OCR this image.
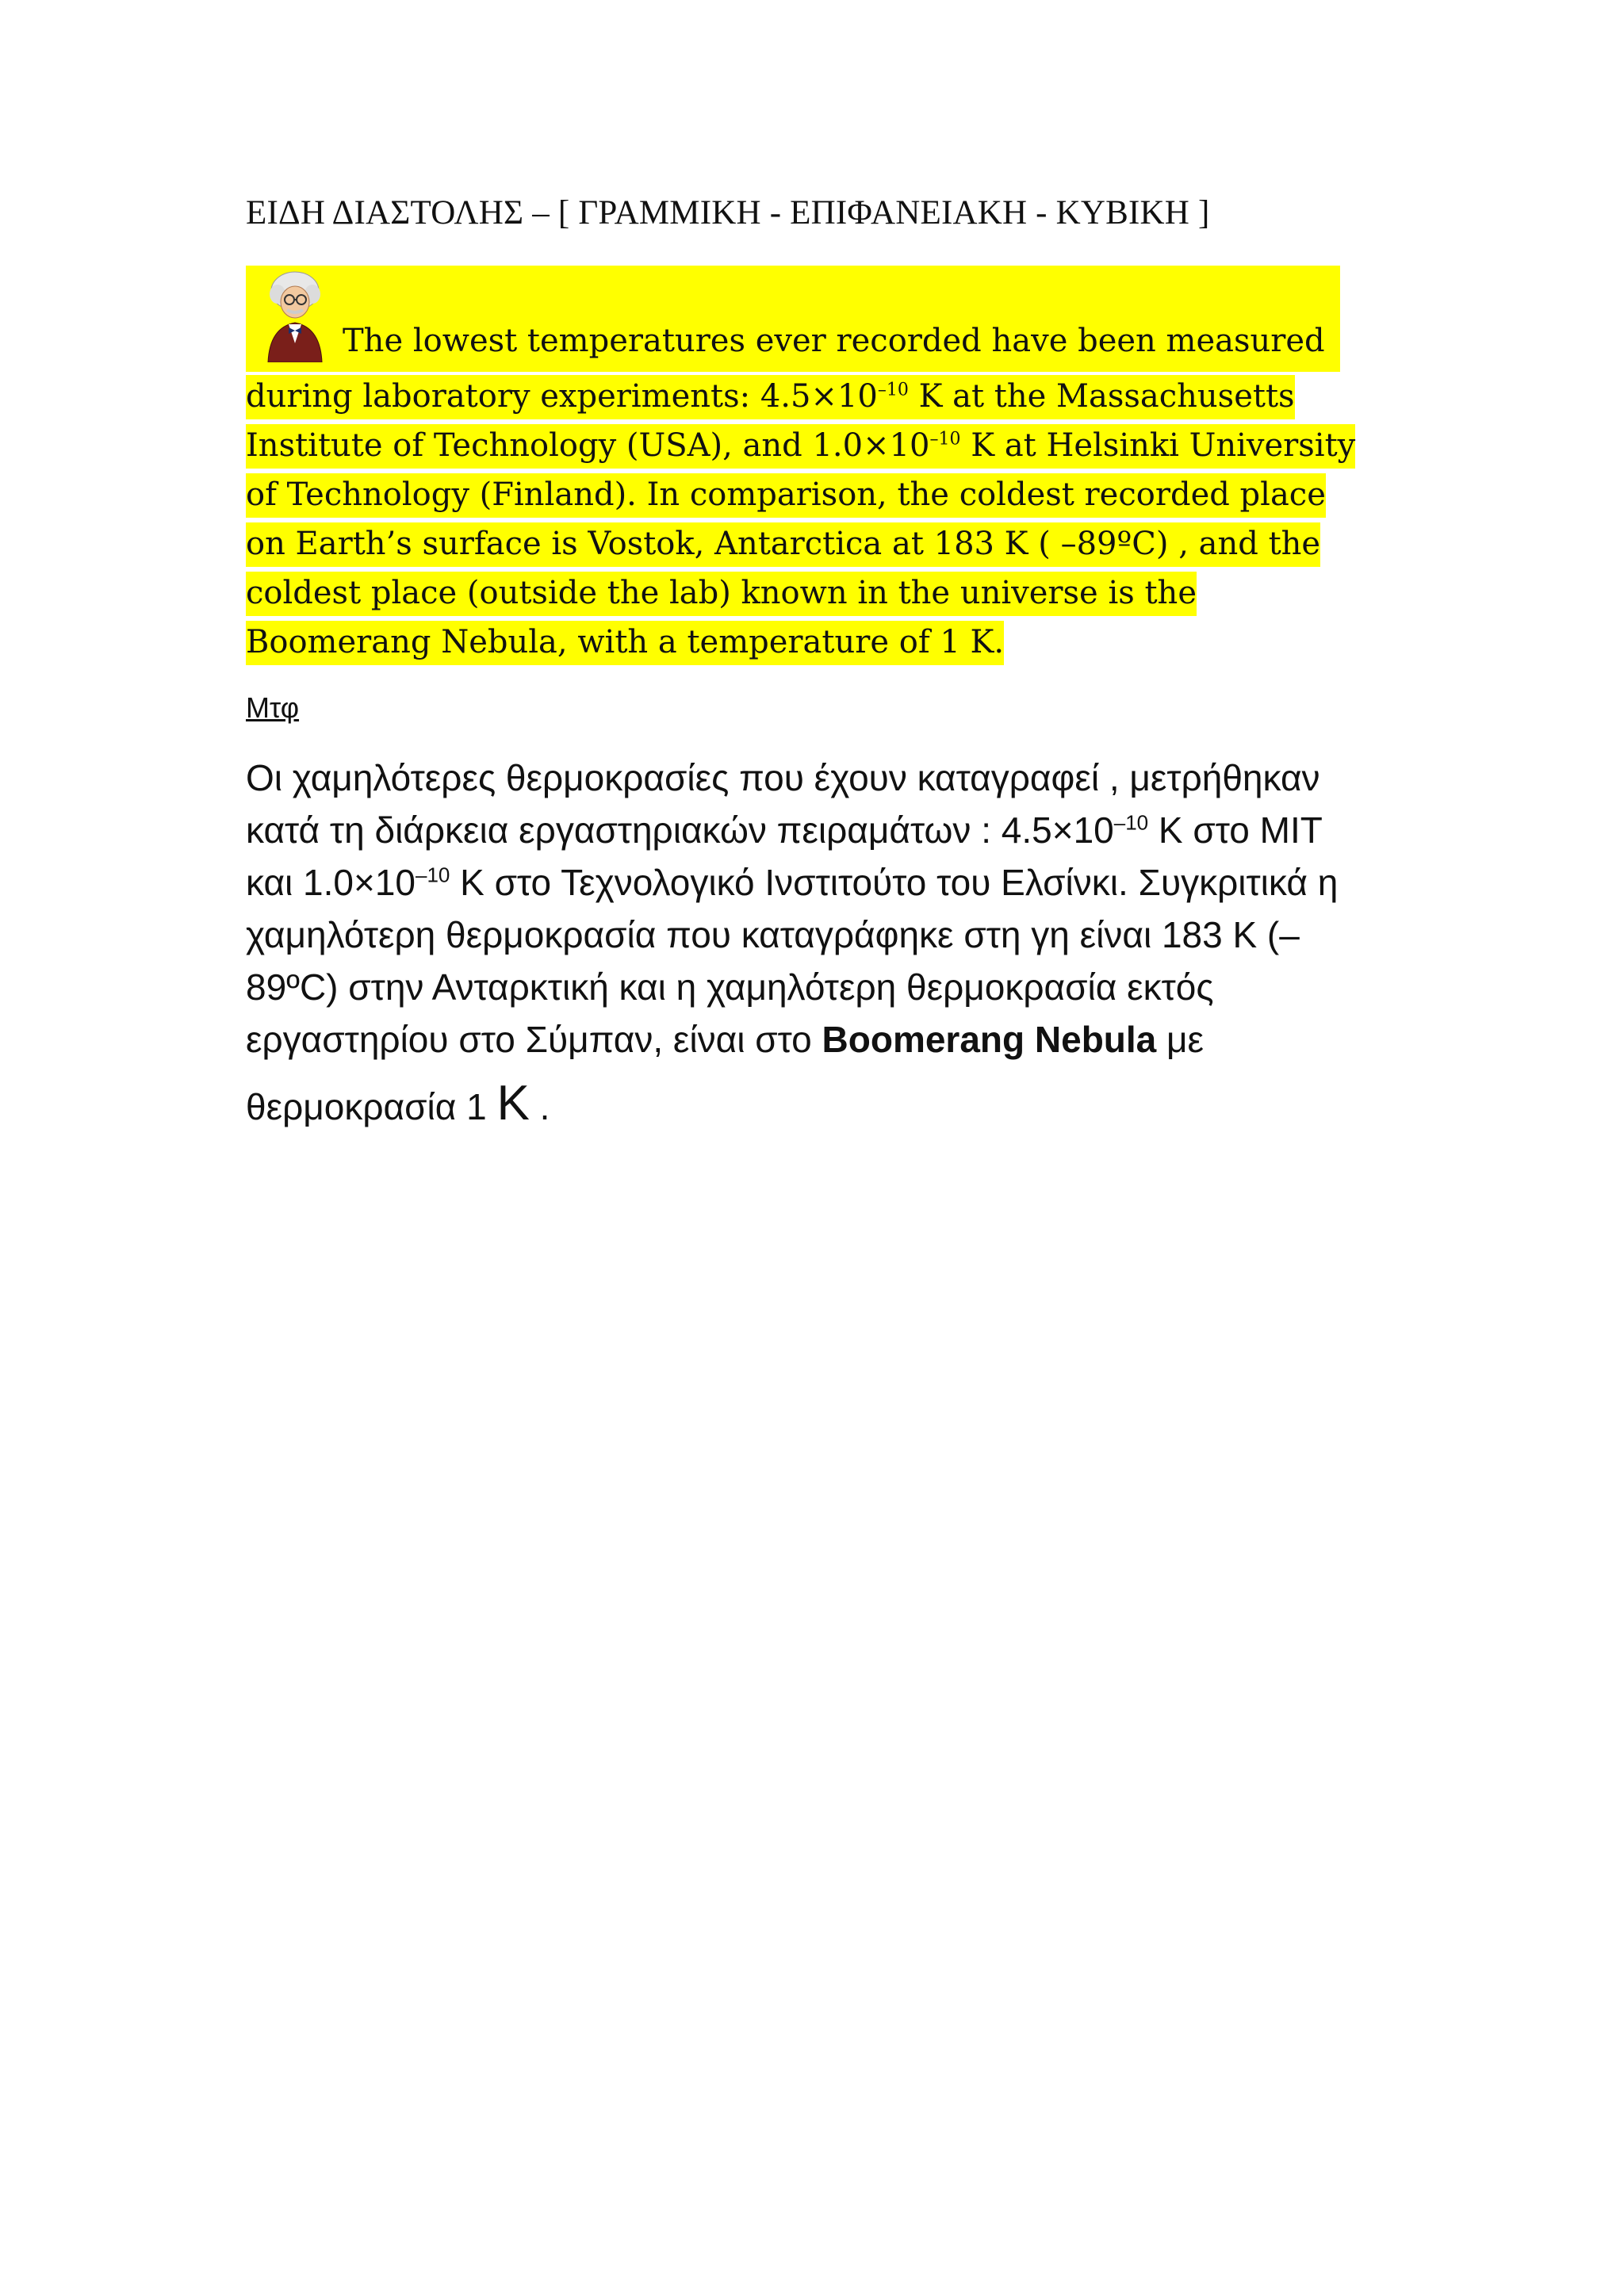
ΕΙΔΗ ΔΙΑΣΤΟΛΗΣ – [ ΓΡΑΜΜΙΚΗ - ΕΠΙΦΑΝΕΙΑΚΗ - ΚΥΒΙΚΗ ]
The lowest temperatures ever recorded have been measured
during laboratory experiments: $4.5\times 10^{-10}$ K at the Massachusetts
Institute of Technology (USA), and $1.0\times 10^{-10}$ K at Helsinki University
of Technology (Finland). In comparison, the coldest recorded place
on Earth’s surface is Vostok, Antarctica at 183 K ( –89ºC) , and the
coldest place (outside the lab) known in the universe is the
Boomerang Nebula, with a temperature of 1 K.
Μτφ
Οι χαμηλότερες θερμοκρασίες που έχουν καταγραφεί , μετρήθηκαν
κατά τη διάρκεια εργαστηριακών πειραμάτων : $4.5\times 10^{-10}$ K στο MIT
και $1.0\times 10^{-10}$ K στο Τεχνολογικό Ινστιτούτο του Ελσίνκι. Συγκριτικά η
χαμηλότερη θερμοκρασία που καταγράφηκε στη γη είναι 183 K (–
89ºC) στην Ανταρκτική και η χαμηλότερη θερμοκρασία εκτός
εργαστηρίου στο Σύμπαν, είναι στο Boomerang Nebula με
θερμοκρασία 1 K .
